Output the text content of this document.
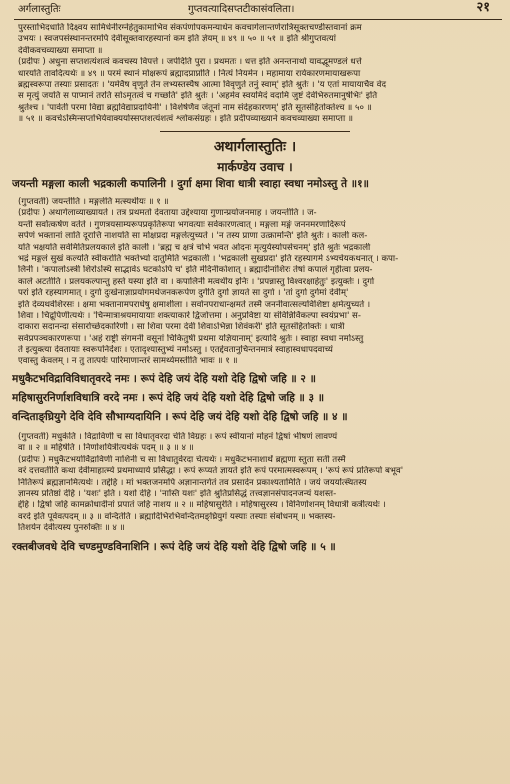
अर्गलास्तुतिः	गुप्तवत्यादिसप्तटीकासंवलिता।	२१
पुरस्ताभिदधाति दिक्ष्वय सामिधेनीरग्नेहेतुकामाभिव संकपंणोपकमन्याधेन कवचार्गलान्तर्णरात्रिसूक्तचण्डीस्तवानां क्रम
उभयः । स्वजपसंस्थानन्तरमपि देवीसूक्तवारहस्यानां कम इति ज्ञेयम् ॥ ४९ ॥ ५० ॥ ५१ ॥ इति श्रीगुप्तवत्यां
देवीकवचव्याख्या समाप्ता ॥
(प्रदीपः ) अधुना सप्तशत्यंशत्वं कवचस्य विपत्ते । जपेदिति पुरा । प्रथमतः । धत्त इति अनन्तनाथो यावद्भूमण्डलं धत्ते
धारयति तावदित्यर्थः ॥ ४९ ॥ परमं स्थानं मोक्षरूपं ब्रह्मादप्राप्नोति । नित्यं नियमेन । महामाया रार्यकारणमायाखरूपा
ब्रह्मस्वरूपा तस्याः प्रसादतः । 'यमेवैष वृणुते तेन लभ्यस्तस्यैष आत्मा विवृणुते तनुं स्वाम्' इति श्रुतेः । 'य एतां मायायाचैव वेद
स मृत्युं जयति स पाप्मानं तरति सोऽमृतत्वं च गच्छति' इति श्रुतेः । 'अहमेव स्वयमिदं वदामि जुष्टं देवेभिरुतमानुषेभिः' इति
श्रुतेश्च । 'पार्वती परमा विद्या ब्रह्मविद्याप्रदायिनी' । विशेषेणैव जंतूनां नाम संदेहकारणम्' इति सूतसंहितोक्तेश्च ॥ ५० ॥
॥ ५१ ॥ कवचेऽस्मिन्सप्तभिर्यवाक्ययोस्सप्तशत्यंशत्वं श्लोकसंग्रहः । इति प्रदीपव्याख्याने कवचव्याख्या समाप्ता ॥
अथार्गलास्तुतिः ।
मार्कण्डेय उवाच ।
जयन्ती मङ्गला काली भद्रकाली कपालिनी । दुर्गा क्षमा शिवा धात्री स्वाहा स्वधा नमोऽस्तु ते ॥१॥
(गुप्तवती) जयन्तीति । मङ्गलेति मत्स्यर्थीयः ॥ १ ॥
(प्रदीपः ) अथार्गलाव्याख्यायते । तत्र प्रथमतो देवताया उद्देश्याया गुणान्प्रयोजनमाह । जयन्तीति । ज-
यन्ती सर्वोत्कर्षेण वर्तते । गुणत्रयसाम्यरूपप्रकृतिरूपा भगवत्याः सर्वकारणत्वात् । मङ्गला मङ्गं जननमरणादिरूपं
सर्पणं भक्तानां लाति दूरात्ति नाशयति सा मोक्षप्रदा मङ्गलेत्युच्यते । 'न तस्य प्राणा उत्क्रामन्ति' इति श्रुतेः । काली कल-
यति भक्षयति सर्वमितिप्रलयकाले इति काली । 'ब्रह्म च क्षत्रं चोभे भवत ओदनः मृत्युर्यस्योपसेचनम्' इति श्रुतेः भद्रकाली
भद्रं मङ्गलं सुखं कल्यति स्वीकरोति भक्तेभ्यो दातुमिति भद्रकाली । 'भद्रकाली सुखप्रदा' इति रहस्यागमे ऽभ्यर्चयकथनात् । कपा-
लिनी । 'कपालोऽस्त्री शिरोऽस्थि साद्भावेऽ घटकोऽपि च' इति मेदिनीकोशात् । ब्रह्मादीनांशिरः तेषां कपालं गृहीत्वा प्रलय-
काले अटतीति । प्रलयकल्पान्तु हस्ते यस्या इति वा । कपालिनी मत्वर्थीय इनिः । 'प्रपन्नास्तु विश्वरक्षाहेतुः' इत्युक्तेः । दुर्गा
परां इति रहस्यागमात् । दुर्गा दुःखेनाज्ञाप्रयोगमर्थजनकरूपेण दुर्गेति दुर्गा ज्ञायते सा दुर्गा । 'तां दुर्गा दुर्गमां देवीम्'
इति देव्यथर्वशिरसः । क्षमा भक्तानामपराधेषु क्षमाशीला । सर्वानपराधान्क्षमते तस्मै जननीवात्सल्यविशिष्टा क्षमेत्युच्यते ।
शिवा । चिद्रूपिणीत्यर्थः । 'चिन्मात्राश्रयमायायाः शक्त्याकारे द्विजोत्तमा । अनुप्रविष्टा या संविन्निर्विकल्पा स्वयंप्रभा' स-
दाकारा सदानन्दा संसारोच्छेदकारिणी । सा शिवा परमा देवी शिवाऽभिन्ना शिवंकरी' इति सूतसंहितोक्तेः । धात्री
सर्वप्रपञ्चकारणरूपा । 'अहं राष्ट्री संगमनी वसूनां चिकितुषी प्रथमा यज्ञियानाम्' इत्यादि श्रुतेः । स्वाहा स्वधा नमोऽस्तु
ते इत्युक्त्या देवतायाः स्वरूपनिर्देशः । एतादृश्यास्तुभ्यं नमोऽस्तु । एतद्देवतानुचिन्तनमात्रं स्वाहास्वधापदवाच्यं
एवास्तु केवलम् । न तु तात्पर्यः पारिमाणान्तरं सामर्थ्यमस्तीति भावः ॥ १ ॥
मधुकैटभविद्राविविधातृवरदे नमः । रूपं देहि जयं देहि यशो देहि द्विषो जहि ॥ २ ॥
महिषासुरनिर्णाशविधात्रि वरदे नमः । रूपं देहि जयं देहि यशो देहि द्विषो जहि ॥ ३ ॥
वन्दिताङ्घ्रियुगे देवि देवि सौभाग्यदायिनि । रूपं देहि जयं देहि यशो देहि द्विषो जहि ॥ ४ ॥
(गुप्तवती) मधुकेति । विद्राविणी च सा विधातृवरदा चेति विग्रहः । रूपं स्वीयानां मोहनं द्विषां भीषणं लावण्यं
वा ॥ २ ॥ महिषेति । निर्णाशयित्रीत्यर्थकं पदम् ॥ ३ ॥ ४ ॥
(प्रदीपः ) मधुकैटभयोर्विद्राविणी नाशिनी च सा विधातुर्वरदा चेत्यर्थः । मधुकैटभनाशार्थं ब्रह्मणा स्तुता सती तस्मै
वरं दत्तवतीति कथा देवीमाहात्म्ये प्रथमाध्याये प्रसिद्धा । रूपं रूप्यते ज्ञायते इति रूपं परमात्मस्वरूपम् । 'रूपं रूपं प्रतिरूपो बभूव'
नितिरूपं ब्रह्मज्ञानमित्यर्थः । तद्देहि । मां भक्तजनमपि अज्ञानान्तर्गतं तव प्रसादेन प्रकाश्यतामिति । जयं जययत्स्थितस्य
ज्ञानस्य प्रतिष्ठां देहि । 'यशः' इति । यशो देहि । 'नास्ति यशः' इति श्रुतिप्रसिद्धं तत्त्वज्ञानसंपादनजन्यं यशस्त-
द्देहि । द्विषो जहि कामक्रोधादीनां प्रपातं जहि नाशय ॥ २ ॥ महिषासुरेति । महिषासुरस्य । विनिर्णाशनम् विधात्री कर्त्रीत्यर्थः ।
वरदे इति पूर्ववत्पदम् ॥ ३ ॥ वन्दितेति । ब्रह्मादिभिरभिवन्दितमङ्घ्रियुगं यस्याः तस्याः संबोधनम् ॥ भक्तस्य-
तिशयेन देवीत्यस्य पुनरुक्तिः ॥ ४ ॥
रक्तबीजवधे देवि चण्डमुण्डविनाशिनि । रूपं देहि जयं देहि यशो देहि द्विषो जहि ॥ ५ ॥
